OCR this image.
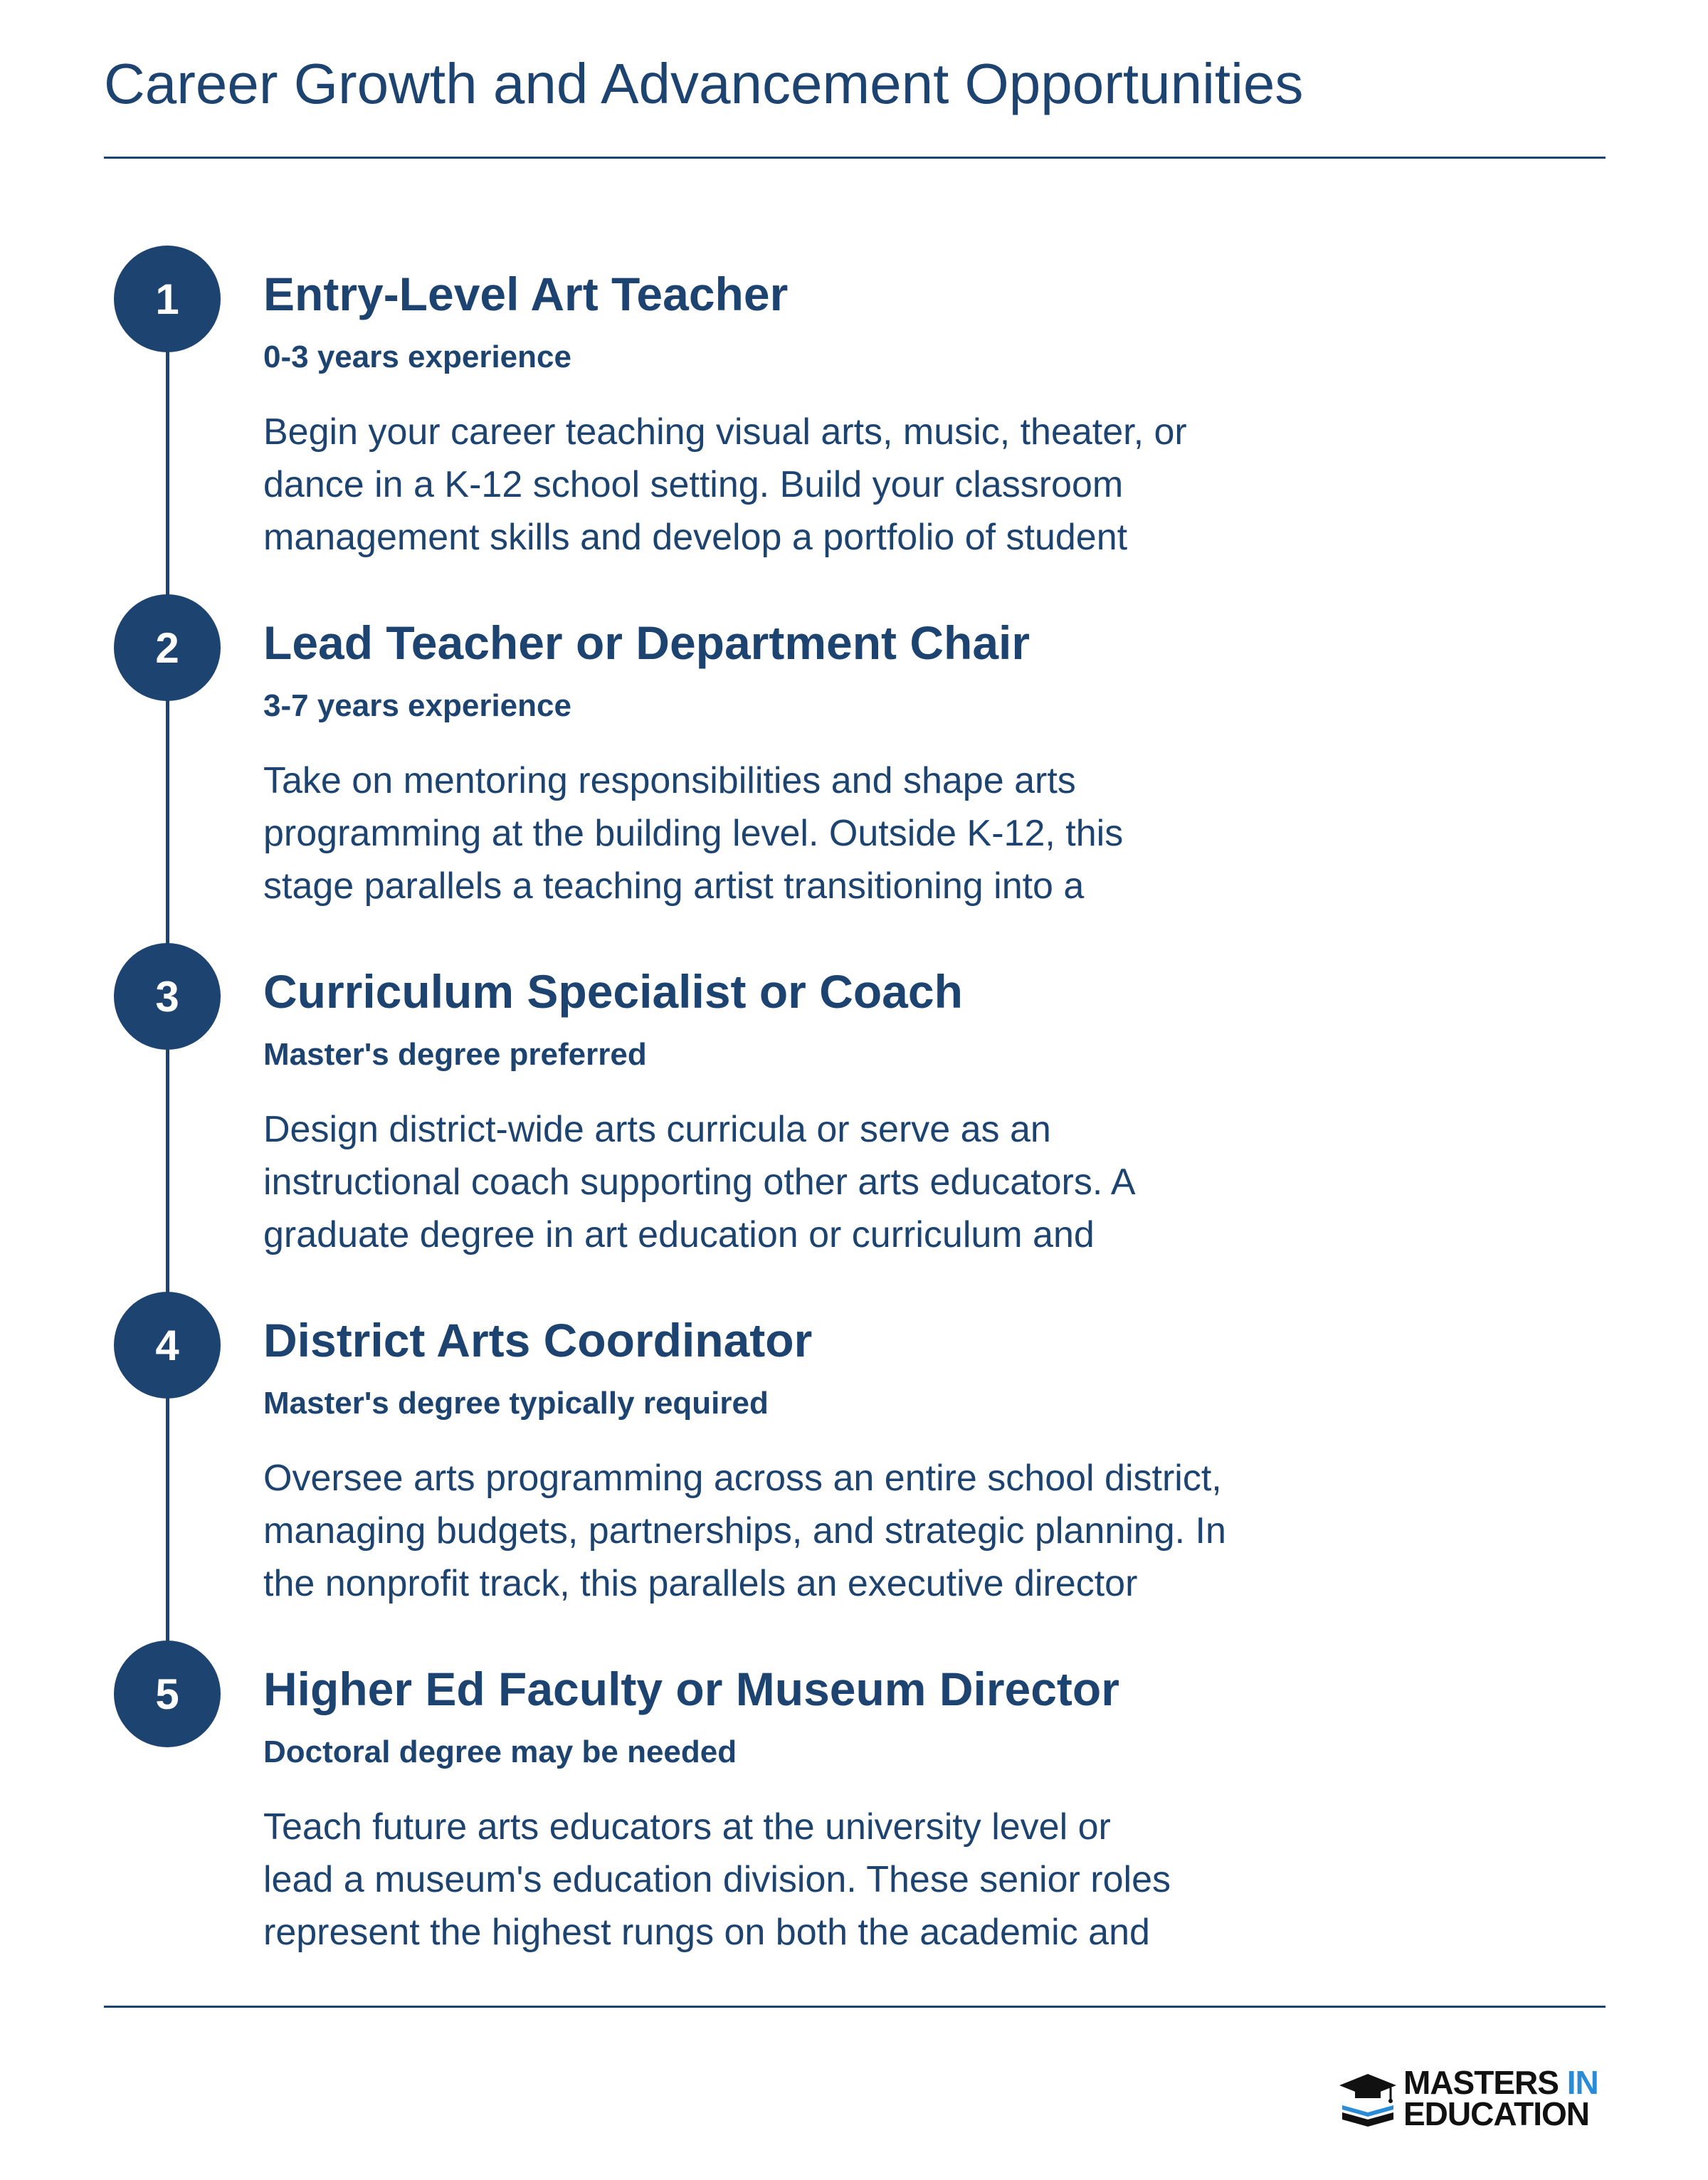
Career Growth and Advancement Opportunities
1	Entry-Level Art Teacher
0-3 years experience

Begin your career teaching visual arts, music, theater, or
dance in a K-12 school setting. Build your classroom
management skills and develop a portfolio of student

2	Lead Teacher or Department Chair
3-7 years experience

Take on mentoring responsibilities and shape arts
programming at the building level. Outside K-12, this
stage parallels a teaching artist transitioning into a

3	Curriculum Specialist or Coach
Master's degree preferred

Design district-wide arts curricula or serve as an
instructional coach supporting other arts educators. A
graduate degree in art education or curriculum and

4	District Arts Coordinator
Master's degree typically required

Oversee arts programming across an entire school district,
managing budgets, partnerships, and strategic planning. In
the nonprofit track, this parallels an executive director

5	Higher Ed Faculty or Museum Director
Doctoral degree may be needed

Teach future arts educators at the university level or
lead a museum's education division. These senior roles
represent the highest rungs on both the academic and

MASTERS IN
EDUCATION
